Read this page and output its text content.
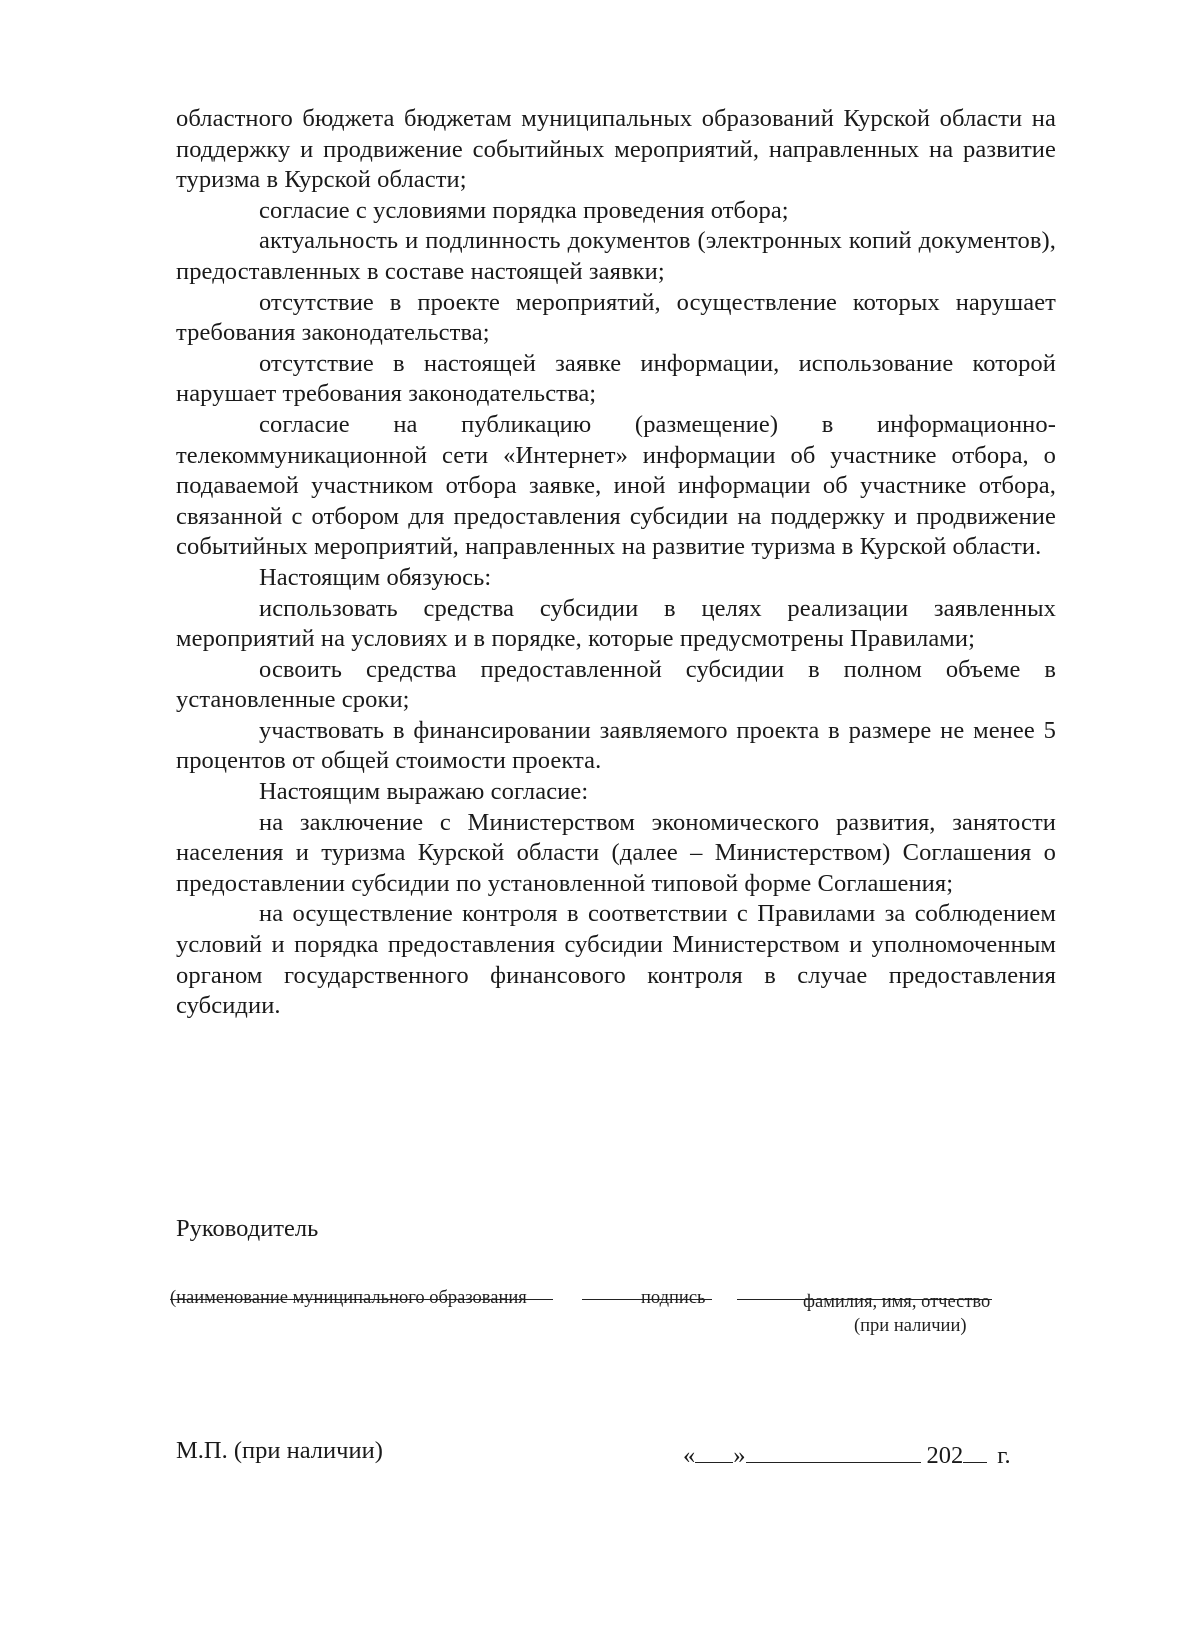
областного бюджета бюджетам муниципальных образований Курской области на поддержку и продвижение событийных мероприятий, направленных на развитие туризма в Курской области;

согласие с условиями порядка проведения отбора;

актуальность и подлинность документов (электронных копий документов), предоставленных в составе настоящей заявки;

отсутствие в проекте мероприятий, осуществление которых нарушает требования законодательства;

отсутствие в настоящей заявке информации, использование которой нарушает требования законодательства;

согласие на публикацию (размещение) в информационно-телекоммуникационной сети «Интернет» информации об участнике отбора, о подаваемой участником отбора заявке, иной информации об участнике отбора, связанной с отбором для предоставления субсидии на поддержку и продвижение событийных мероприятий, направленных на развитие туризма в Курской области.

Настоящим обязуюсь:

использовать средства субсидии в целях реализации заявленных мероприятий на условиях и в порядке, которые предусмотрены Правилами;

освоить средства предоставленной субсидии в полном объеме в установленные сроки;

участвовать в финансировании заявляемого проекта в размере не менее 5 процентов от общей стоимости проекта.

Настоящим выражаю согласие:

на заключение с Министерством экономического развития, занятости населения и туризма Курской области (далее – Министерством) Соглашения о предоставлении субсидии по установленной типовой форме Соглашения;

на осуществление контроля в соответствии с Правилами за соблюдением условий и порядка предоставления субсидии Министерством и уполномоченным органом государственного финансового контроля в случае предоставления субсидии.

Руководитель
(наименование муниципального образования	подпись	фамилия, имя, отчество
(при наличии)
М.П. (при наличии)	« »	202 г.
